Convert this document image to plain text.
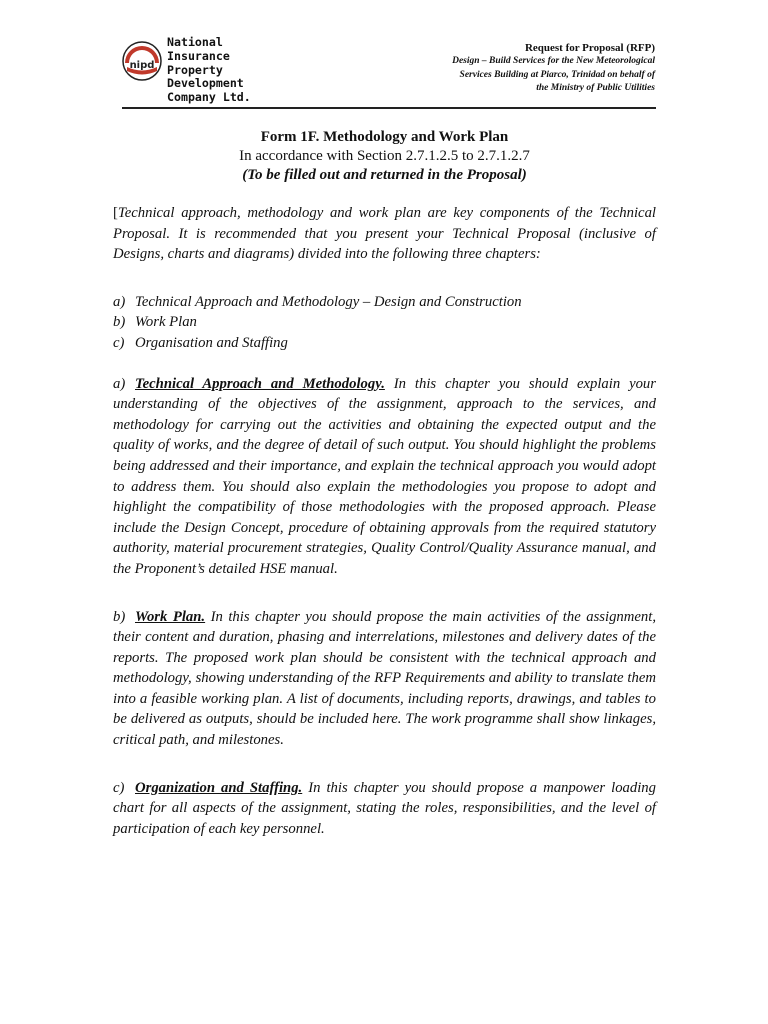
nipd
National
Insurance
Property
Development
Company Ltd.
Request for Proposal (RFP)
Design – Build Services for the New Meteorological
Services Building at Piarco, Trinidad on behalf of
the Ministry of Public Utilities
Form 1F. Methodology and Work Plan
In accordance with Section 2.7.1.2.5 to 2.7.1.2.7
(To be filled out and returned in the Proposal)

[Technical approach, methodology and work plan are key components of the Technical Proposal. It is recommended that you present your Technical Proposal (inclusive of Designs, charts and diagrams) divided into the following three chapters:

a) Technical Approach and Methodology – Design and Construction
b) Work Plan
c) Organisation and Staffing

a) Technical Approach and Methodology. In this chapter you should explain your understanding of the objectives of the assignment, approach to the services, and methodology for carrying out the activities and obtaining the expected output and the quality of works, and the degree of detail of such output. You should highlight the problems being addressed and their importance, and explain the technical approach you would adopt to address them. You should also explain the methodologies you propose to adopt and highlight the compatibility of those methodologies with the proposed approach. Please include the Design Concept, procedure of obtaining approvals from the required statutory authority, material procurement strategies, Quality Control/Quality Assurance manual, and the Proponent’s detailed HSE manual.

b) Work Plan. In this chapter you should propose the main activities of the assignment, their content and duration, phasing and interrelations, milestones and delivery dates of the reports. The proposed work plan should be consistent with the technical approach and methodology, showing understanding of the RFP Requirements and ability to translate them into a feasible working plan. A list of documents, including reports, drawings, and tables to be delivered as outputs, should be included here. The work programme shall show linkages, critical path, and milestones.

c) Organization and Staffing. In this chapter you should propose a manpower loading chart for all aspects of the assignment, stating the roles, responsibilities, and the level of participation of each key personnel.
